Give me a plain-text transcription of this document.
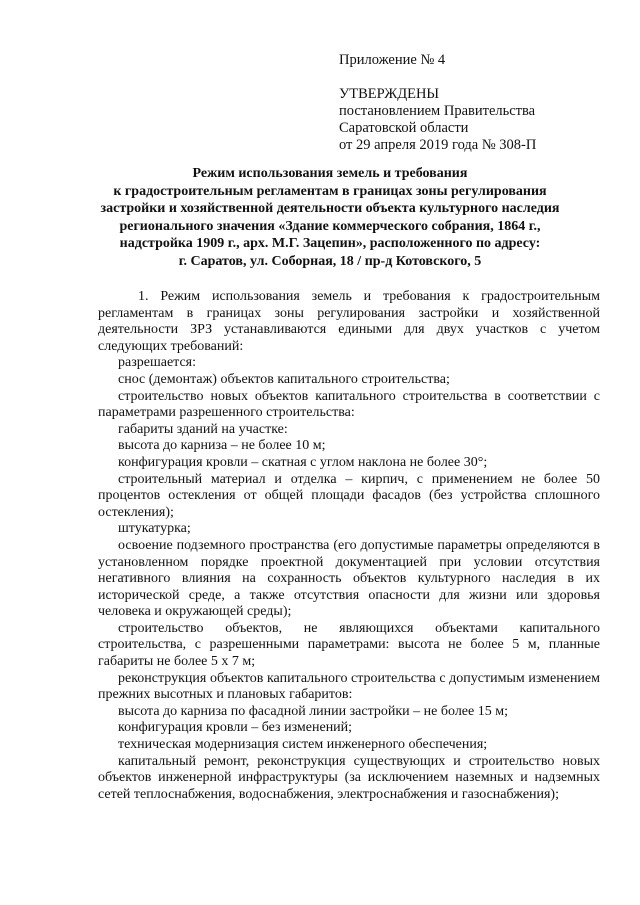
Приложение № 4
УТВЕРЖДЕНЫ
постановлением Правительства
Саратовской области
от 29 апреля 2019 года № 308-П
Режим использования земель и требования
к градостроительным регламентам в границах зоны регулирования
застройки и хозяйственной деятельности объекта культурного наследия
регионального значения «Здание коммерческого собрания, 1864 г.,
надстройка 1909 г., арх. М.Г. Зацепин», расположенного по адресу:
г. Саратов, ул. Соборная, 18 / пр-д Котовского, 5

1. Режим использования земель и требования к градостроительным регламентам в границах зоны регулирования застройки и хозяйственной деятельности ЗРЗ устанавливаются едиными для двух участков с учетом следующих требований:

разрешается:

снос (демонтаж) объектов капитального строительства;

строительство новых объектов капитального строительства в соответствии с параметрами разрешенного строительства:

габариты зданий на участке:

высота до карниза – не более 10 м;

конфигурация кровли – скатная с углом наклона не более 30°;

строительный материал и отделка – кирпич, с применением не более 50 процентов остекления от общей площади фасадов (без устройства сплошного остекления);

штукатурка;

освоение подземного пространства (его допустимые параметры определяются в установленном порядке проектной документацией при условии отсутствия негативного влияния на сохранность объектов культурного наследия в их исторической среде, а также отсутствия опасности для жизни или здоровья человека и окружающей среды);

строительство объектов, не являющихся объектами капитального строительства, с разрешенными параметрами: высота не более 5 м, планные габариты не более 5 х 7 м;

реконструкция объектов капитального строительства с допустимым изменением прежних высотных и плановых габаритов:

высота до карниза по фасадной линии застройки – не более 15 м;

конфигурация кровли – без изменений;

техническая модернизация систем инженерного обеспечения;

капитальный ремонт, реконструкция существующих и строительство новых объектов инженерной инфраструктуры (за исключением наземных и надземных сетей теплоснабжения, водоснабжения, электроснабжения и газоснабжения);
